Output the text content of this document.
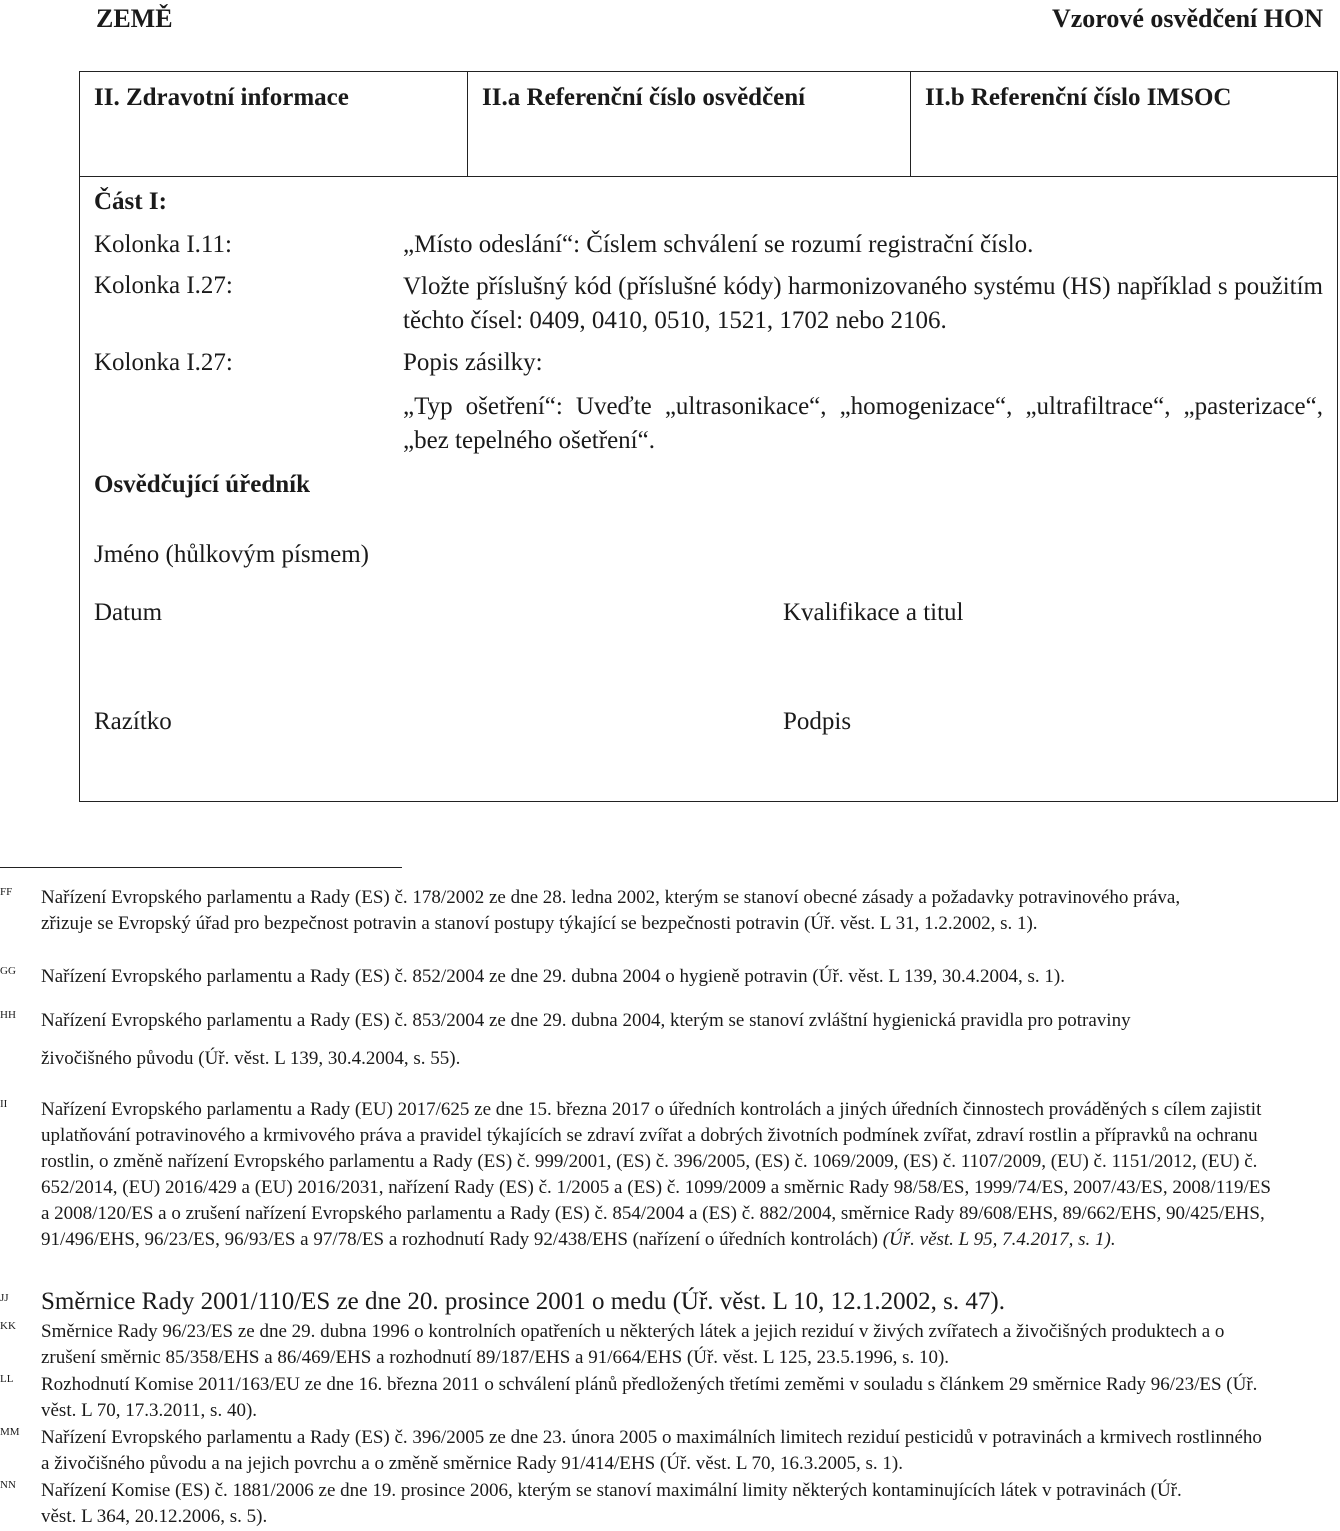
ZEMĚ	Vzorové osvědčení HON
II. Zdravotní informace	II.a Referenční číslo osvědčení	II.b Referenční číslo IMSOC
Část I:
Kolonka I.11:	„Místo odeslání“: Číslem schválení se rozumí registrační číslo.
Kolonka I.27:	Vložte příslušný kód (příslušné kódy) harmonizovaného systému (HS) například s použitím těchto čísel: 0409, 0410, 0510, 1521, 1702 nebo 2106.
Kolonka I.27:	Popis zásilky:
„Typ ošetření“: Uveďte „ultrasonikace“, „homogenizace“, „ultrafiltrace“, „pasterizace“, „bez tepelného ošetření“.
Osvědčující úředník
Jméno (hůlkovým písmem)
Datum	Kvalifikace a titul
Razítko	Podpis
FF Nařízení Evropského parlamentu a Rady (ES) č. 178/2002 ze dne 28. ledna 2002, kterým se stanoví obecné zásady a požadavky potravinového práva, zřizuje se Evropský úřad pro bezpečnost potravin a stanoví postupy týkající se bezpečnosti potravin (Úř. věst. L 31, 1.2.2002, s. 1).
GG Nařízení Evropského parlamentu a Rady (ES) č. 852/2004 ze dne 29. dubna 2004 o hygieně potravin (Úř. věst. L 139, 30.4.2004, s. 1).
HH Nařízení Evropského parlamentu a Rady (ES) č. 853/2004 ze dne 29. dubna 2004, kterým se stanoví zvláštní hygienická pravidla pro potraviny
živočišného původu (Úř. věst. L 139, 30.4.2004, s. 55).
II Nařízení Evropského parlamentu a Rady (EU) 2017/625 ze dne 15. března 2017 o úředních kontrolách a jiných úředních činnostech prováděných s cílem zajistit uplatňování potravinového a krmivového práva a pravidel týkajících se zdraví zvířat a dobrých životních podmínek zvířat, zdraví rostlin a přípravků na ochranu rostlin, o změně nařízení Evropského parlamentu a Rady (ES) č. 999/2001, (ES) č. 396/2005, (ES) č. 1069/2009, (ES) č. 1107/2009, (EU) č. 1151/2012, (EU) č. 652/2014, (EU) 2016/429 a (EU) 2016/2031, nařízení Rady (ES) č. 1/2005 a (ES) č. 1099/2009 a směrnic Rady 98/58/ES, 1999/74/ES, 2007/43/ES, 2008/119/ES a 2008/120/ES a o zrušení nařízení Evropského parlamentu a Rady (ES) č. 854/2004 a (ES) č. 882/2004, směrnice Rady 89/608/EHS, 89/662/EHS, 90/425/EHS, 91/496/EHS, 96/23/ES, 96/93/ES a 97/78/ES a rozhodnutí Rady 92/438/EHS (nařízení o úředních kontrolách) (Úř. věst. L 95, 7.4.2017, s. 1).
JJ Směrnice Rady 2001/110/ES ze dne 20. prosince 2001 o medu (Úř. věst. L 10, 12.1.2002, s. 47).
KK Směrnice Rady 96/23/ES ze dne 29. dubna 1996 o kontrolních opatřeních u některých látek a jejich reziduí v živých zvířatech a živočišných produktech a o zrušení směrnic 85/358/EHS a 86/469/EHS a rozhodnutí 89/187/EHS a 91/664/EHS (Úř. věst. L 125, 23.5.1996, s. 10).
LL Rozhodnutí Komise 2011/163/EU ze dne 16. března 2011 o schválení plánů předložených třetími zeměmi v souladu s článkem 29 směrnice Rady 96/23/ES (Úř. věst. L 70, 17.3.2011, s. 40).
MM Nařízení Evropského parlamentu a Rady (ES) č. 396/2005 ze dne 23. února 2005 o maximálních limitech reziduí pesticidů v potravinách a krmivech rostlinného a živočišného původu a na jejich povrchu a o změně směrnice Rady 91/414/EHS (Úř. věst. L 70, 16.3.2005, s. 1).
NN Nařízení Komise (ES) č. 1881/2006 ze dne 19. prosince 2006, kterým se stanoví maximální limity některých kontaminujících látek v potravinách (Úř. věst. L 364, 20.12.2006, s. 5).
